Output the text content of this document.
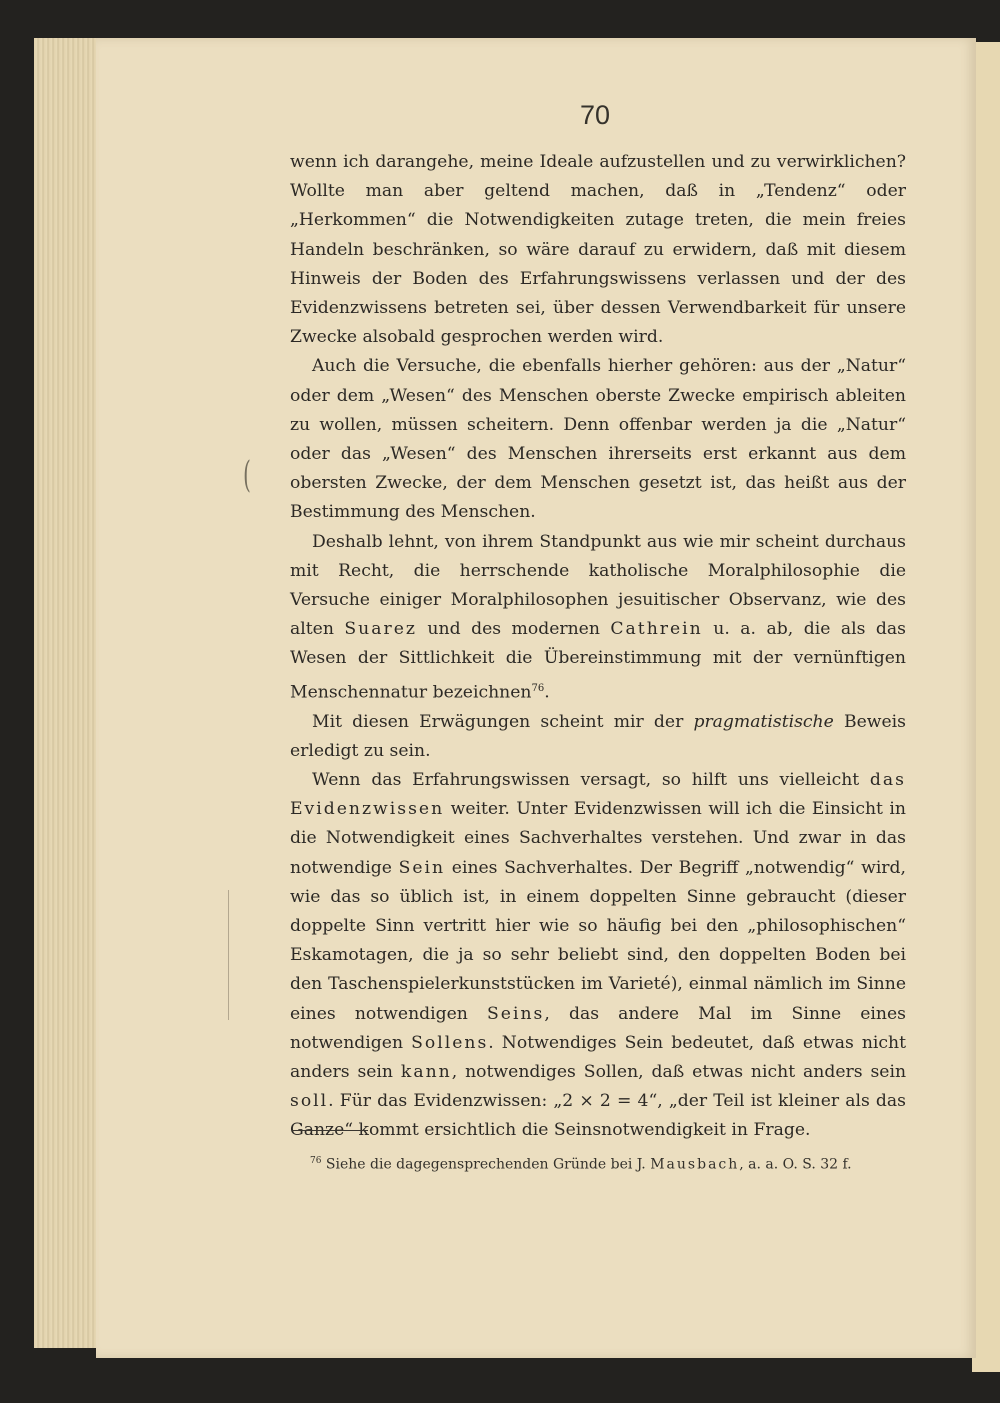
70

wenn ich darangehe, meine Ideale aufzustellen und zu verwirklichen? Wollte man aber geltend machen, daß in „Tendenz“ oder „Herkommen“ die Notwendigkeiten zutage treten, die mein freies Handeln beschränken, so wäre darauf zu erwidern, daß mit diesem Hinweis der Boden des Erfahrungswissens verlassen und der des Evidenzwissens betreten sei, über dessen Verwendbarkeit für unsere Zwecke alsobald gesprochen werden wird.

Auch die Versuche, die ebenfalls hierher gehören: aus der „Natur“ oder dem „Wesen“ des Menschen oberste Zwecke empirisch ableiten zu wollen, müssen scheitern. Denn offenbar werden ja die „Natur“ oder das „Wesen“ des Menschen ihrerseits erst erkannt aus dem obersten Zwecke, der dem Menschen gesetzt ist, das heißt aus der Bestimmung des Menschen.

Deshalb lehnt, von ihrem Standpunkt aus wie mir scheint durchaus mit Recht, die herrschende katholische Moralphilosophie die Versuche einiger Moralphilosophen jesuitischer Observanz, wie des alten Suarez und des modernen Cathrein u. a. ab, die als das Wesen der Sittlichkeit die Übereinstimmung mit der vernünftigen Menschennatur bezeichnen$^{76}$.

Mit diesen Erwägungen scheint mir der pragmatistische Beweis erledigt zu sein.

Wenn das Erfahrungswissen versagt, so hilft uns vielleicht das Evidenzwissen weiter. Unter Evidenzwissen will ich die Einsicht in die Notwendigkeit eines Sachverhaltes verstehen. Und zwar in das notwendige Sein eines Sachverhaltes. Der Begriff „notwendig“ wird, wie das so üblich ist, in einem doppelten Sinne gebraucht (dieser doppelte Sinn vertritt hier wie so häufig bei den „philosophischen“ Eskamotagen, die ja so sehr beliebt sind, den doppelten Boden bei den Taschenspielerkunststücken im Varieté), einmal nämlich im Sinne eines notwendigen Seins, das andere Mal im Sinne eines notwendigen Sollens. Notwendiges Sein bedeutet, daß etwas nicht anders sein kann, notwendiges Sollen, daß etwas nicht anders sein soll. Für das Evidenzwissen: „2 × 2 = 4“, „der Teil ist kleiner als das Ganze“ kommt ersichtlich die Seinsnotwendigkeit in Frage.

(
$^{76}$ Siehe die dagegensprechenden Gründe bei J. Mausbach, a. a. O. S. 32 f.
